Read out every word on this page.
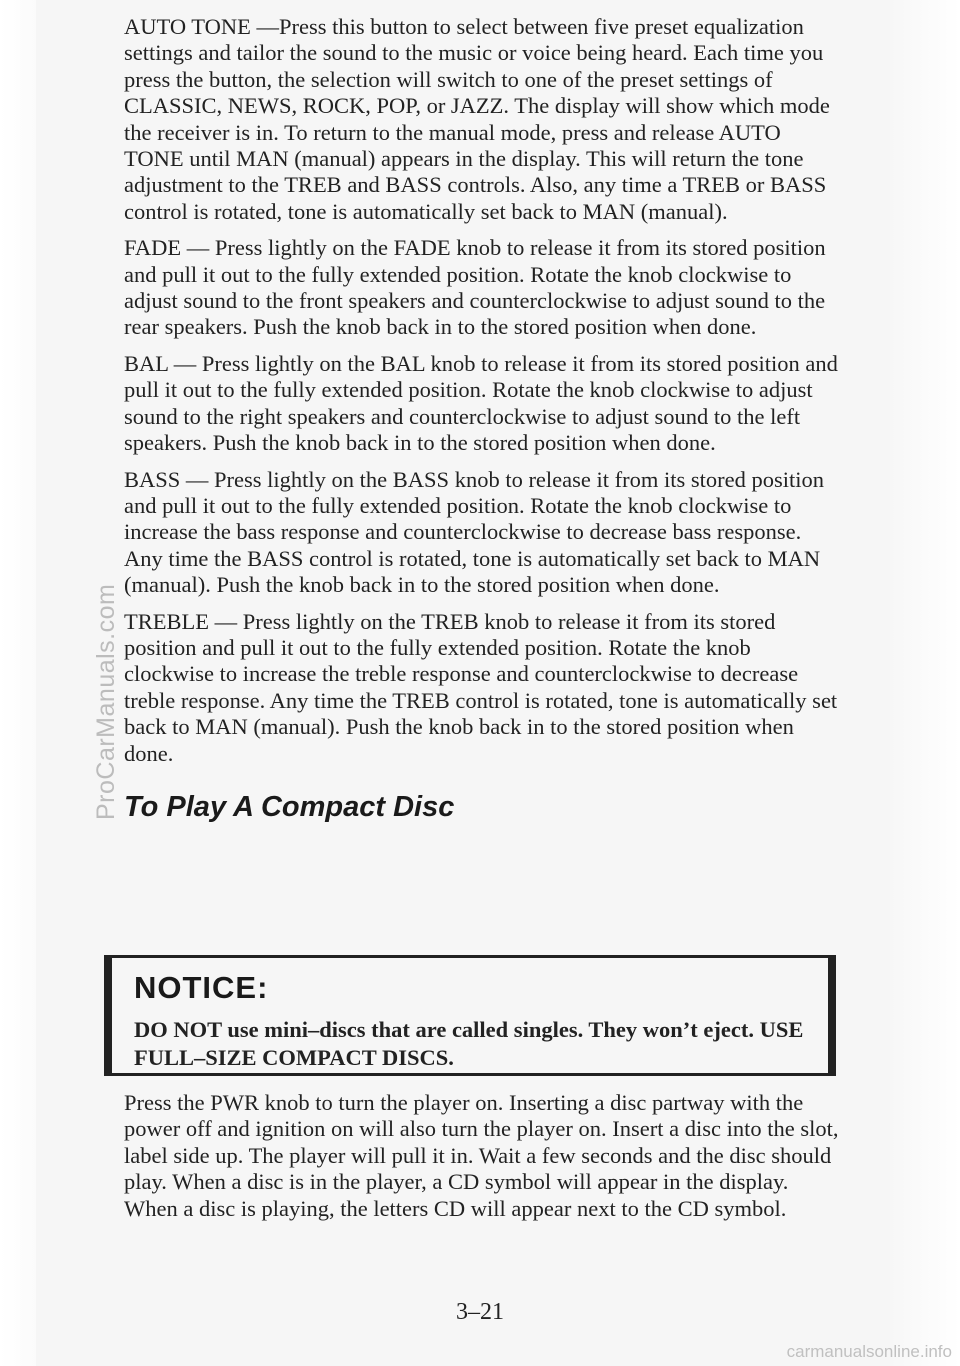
AUTO TONE —Press this button to select between five preset equalization settings and tailor the sound to the music or voice being heard. Each time you press the button, the selection will switch to one of the preset settings of CLASSIC, NEWS, ROCK, POP, or JAZZ. The display will show which mode the receiver is in. To return to the manual mode, press and release AUTO TONE until MAN (manual) appears in the display. This will return the tone adjustment to the TREB and BASS controls. Also, any time a TREB or BASS control is rotated, tone is automatically set back to MAN (manual).

FADE — Press lightly on the FADE knob to release it from its stored position and pull it out to the fully extended position. Rotate the knob clockwise to adjust sound to the front speakers and counterclockwise to adjust sound to the rear speakers. Push the knob back in to the stored position when done.

BAL — Press lightly on the BAL knob to release it from its stored position and pull it out to the fully extended position. Rotate the knob clockwise to adjust sound to the right speakers and counterclockwise to adjust sound to the left speakers. Push the knob back in to the stored position when done.

BASS — Press lightly on the BASS knob to release it from its stored position and pull it out to the fully extended position. Rotate the knob clockwise to increase the bass response and counterclockwise to decrease bass response. Any time the BASS control is rotated, tone is automatically set back to MAN (manual). Push the knob back in to the stored position when done.

TREBLE — Press lightly on the TREB knob to release it from its stored position and pull it out to the fully extended position. Rotate the knob clockwise to increase the treble response and counterclockwise to decrease treble response. Any time the TREB control is rotated, tone is automatically set back to MAN (manual). Push the knob back in to the stored position when done.

To Play A Compact Disc
NOTICE:
DO NOT use mini–discs that are called singles. They won’t eject. USE FULL–SIZE COMPACT DISCS.

Press the PWR knob to turn the player on. Inserting a disc partway with the power off and ignition on will also turn the player on. Insert a disc into the slot, label side up. The player will pull it in. Wait a few seconds and the disc should play. When a disc is in the player, a CD symbol will appear in the display. When a disc is playing, the letters CD will appear next to the CD symbol.

3–21
ProCarManuals.com
carmanualsonline.info
